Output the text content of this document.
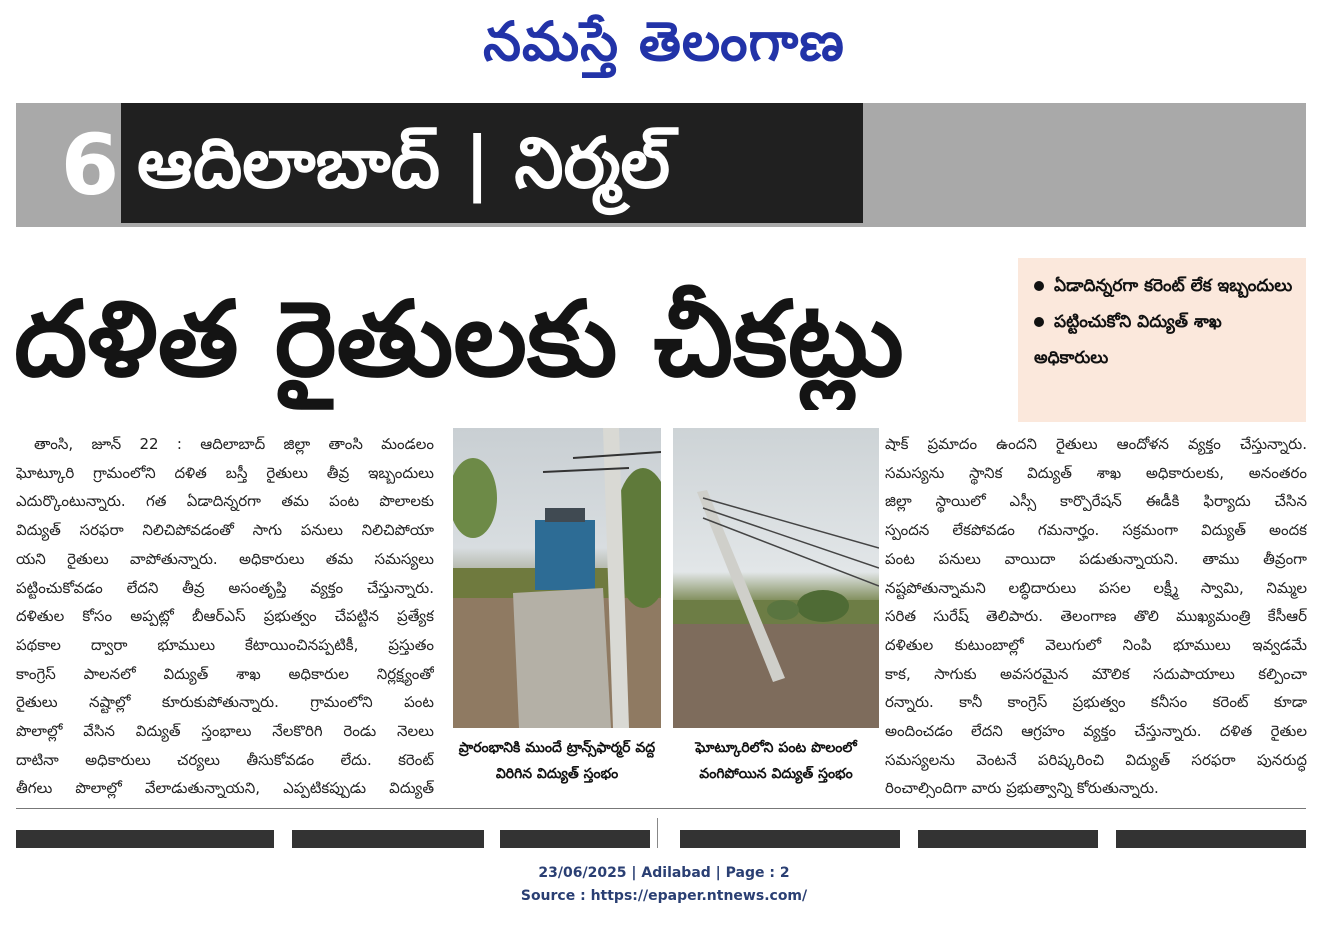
నమస్తే తెలంగాణ
6 ఆదిలాబాద్ | నిర్మల్
దళిత రైతులకు చీకట్లు	ఏడాదిన్నరగా కరెంట్ లేక ఇబ్బందులు
పట్టించుకోని విద్యుత్ శాఖ అధికారులు
తాంసి, జూన్ 22 : ఆదిలాబాద్ జిల్లా తాంసి మండలం
ఘోట్కూరి గ్రామంలోని దళిత బస్తీ రైతులు తీవ్ర ఇబ్బందులు
ఎదుర్కొంటున్నారు. గత ఏడాదిన్నరగా తమ పంట పొలాలకు
విద్యుత్ సరఫరా నిలిచిపోవడంతో సాగు పనులు నిలిచిపోయా
యని రైతులు వాపోతున్నారు. అధికారులు తమ సమస్యలు
పట్టించుకోవడం లేదని తీవ్ర అసంతృప్తి వ్యక్తం చేస్తున్నారు.
దళితుల కోసం అప్పట్లో బీఆర్ఎస్ ప్రభుత్వం చేపట్టిన ప్రత్యేక
పథకాల ద్వారా భూములు కేటాయించినప్పటికీ, ప్రస్తుతం
కాంగ్రెస్ పాలనలో విద్యుత్ శాఖ అధికారుల నిర్లక్ష్యంతో
రైతులు నష్టాల్లో కూరుకుపోతున్నారు. గ్రామంలోని పంట
పొలాల్లో వేసిన విద్యుత్ స్తంభాలు నేలకొరిగి రెండు నెలలు
దాటినా అధికారులు చర్యలు తీసుకోవడం లేదు. కరెంట్
తీగలు పొలాల్లో వేలాడుతున్నాయని, ఎప్పటికప్పుడు విద్యుత్
ప్రారంభానికి ముందే ట్రాన్స్‌ఫార్మర్ వద్ద విరిగిన విద్యుత్ స్తంభం
ఘోట్కూరిలోని పంట పొలంలో వంగిపోయిన విద్యుత్ స్తంభం
షాక్ ప్రమాదం ఉందని రైతులు ఆందోళన వ్యక్తం చేస్తున్నారు.
సమస్యను స్థానిక విద్యుత్ శాఖ అధికారులకు, అనంతరం
జిల్లా స్థాయిలో ఎస్సీ కార్పొరేషన్ ఈడీకి ఫిర్యాదు చేసిన
స్పందన లేకపోవడం గమనార్హం. సక్రమంగా విద్యుత్ అందక
పంట పనులు వాయిదా పడుతున్నాయని. తాము తీవ్రంగా
నష్టపోతున్నామని లబ్ధిదారులు పసల లక్ష్మీ స్వామి, నిమ్మల
సరిత సురేష్ తెలిపారు. తెలంగాణ తొలి ముఖ్యమంత్రి కేసీఆర్
దళితుల కుటుంబాల్లో వెలుగులో నింపి భూములు ఇవ్వడమే
కాక, సాగుకు అవసరమైన మౌలిక సదుపాయాలు కల్పించా
రన్నారు. కానీ కాంగ్రెస్ ప్రభుత్వం కనీసం కరెంట్ కూడా
అందించడం లేదని ఆగ్రహం వ్యక్తం చేస్తున్నారు. దళిత రైతుల
సమస్యలను వెంటనే పరిష్కరించి విద్యుత్ సరఫరా పునరుద్ధ
రించాల్సిందిగా వారు ప్రభుత్వాన్ని కోరుతున్నారు.
23/06/2025 | Adilabad | Page : 2
Source : https://epaper.ntnews.com/
